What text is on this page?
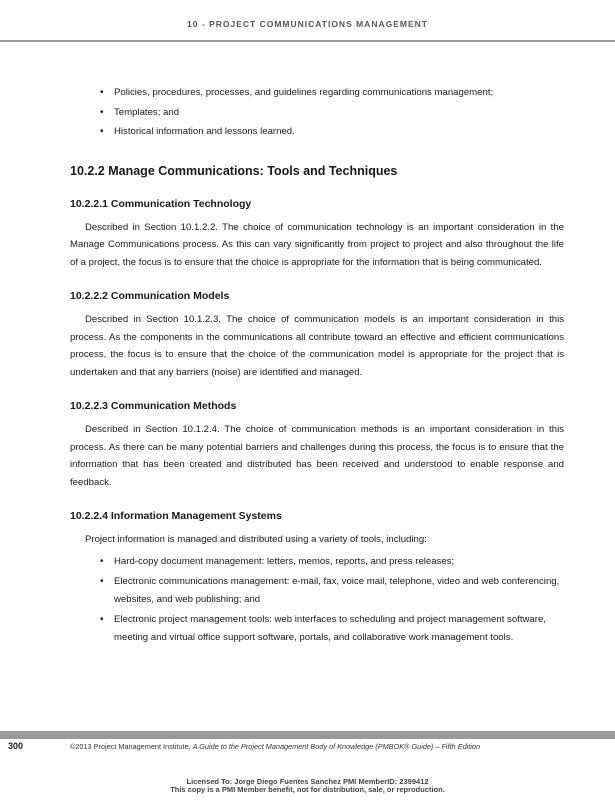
10 - PROJECT COMMUNICATIONS MANAGEMENT
• Policies, procedures, processes, and guidelines regarding communications management;
• Templates; and
• Historical information and lessons learned.
10.2.2 Manage Communications: Tools and Techniques
10.2.2.1 Communication Technology

Described in Section 10.1.2.2. The choice of communication technology is an important consideration in the Manage Communications process. As this can vary significantly from project to project and also throughout the life of a project, the focus is to ensure that the choice is appropriate for the information that is being communicated.

10.2.2.2 Communication Models

Described in Section 10.1.2.3. The choice of communication models is an important consideration in this process. As the components in the communications all contribute toward an effective and efficient communications process, the focus is to ensure that the choice of the communication model is appropriate for the project that is undertaken and that any barriers (noise) are identified and managed.

10.2.2.3 Communication Methods

Described in Section 10.1.2.4. The choice of communication methods is an important consideration in this process. As there can be many potential barriers and challenges during this process, the focus is to ensure that the information that has been created and distributed has been received and understood to enable response and feedback.

10.2.2.4 Information Management Systems

Project information is managed and distributed using a variety of tools, including:

• Hard-copy document management: letters, memos, reports, and press releases;
• Electronic communications management: e-mail, fax, voice mail, telephone, video and web conferencing, websites, and web publishing; and
• Electronic project management tools: web interfaces to scheduling and project management software, meeting and virtual office support software, portals, and collaborative work management tools.
300	©2013 Project Management Institute. A Guide to the Project Management Body of Knowledge (PMBOK® Guide) – Fifth Edition
Licensed To: Jorge Diego Fuentes Sanchez PMI MemberID: 2399412
This copy is a PMI Member benefit, not for distribution, sale, or reproduction.
